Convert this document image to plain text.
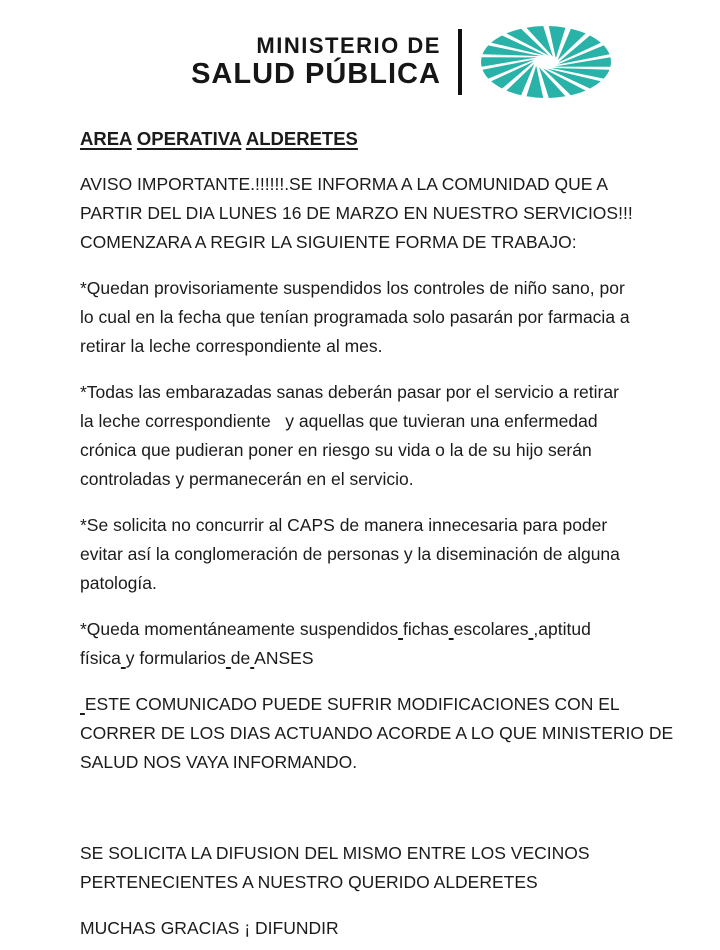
MINISTERIO DE
SALUD PÚBLICA
AREA OPERATIVA ALDERETES
AVISO IMPORTANTE.!!!!!!.SE INFORMA A LA COMUNIDAD QUE A
PARTIR DEL DIA LUNES 16 DE MARZO EN NUESTRO SERVICIOS!!!
COMENZARA A REGIR LA SIGUIENTE FORMA DE TRABAJO:
*Quedan provisoriamente suspendidos los controles de niño sano, por
lo cual en la fecha que tenían programada solo pasarán por farmacia a
retirar la leche correspondiente al mes.
*Todas las embarazadas sanas deberán pasar por el servicio a retirar
la leche correspondiente   y aquellas que tuvieran una enfermedad
crónica que pudieran poner en riesgo su vida o la de su hijo serán
controladas y permanecerán en el servicio.
*Se solicita no concurrir al CAPS de manera innecesaria para poder
evitar así la conglomeración de personas y la diseminación de alguna
patología.
*Queda momentáneamente suspendidos fichas escolares ,aptitud
física y formularios de ANSES
ESTE COMUNICADO PUEDE SUFRIR MODIFICACIONES CON EL
CORRER DE LOS DIAS ACTUANDO ACORDE A LO QUE MINISTERIO DE
SALUD NOS VAYA INFORMANDO.
SE SOLICITA LA DIFUSION DEL MISMO ENTRE LOS VECINOS
PERTENECIENTES A NUESTRO QUERIDO ALDERETES
MUCHAS GRACIAS ¡ DIFUNDIR
